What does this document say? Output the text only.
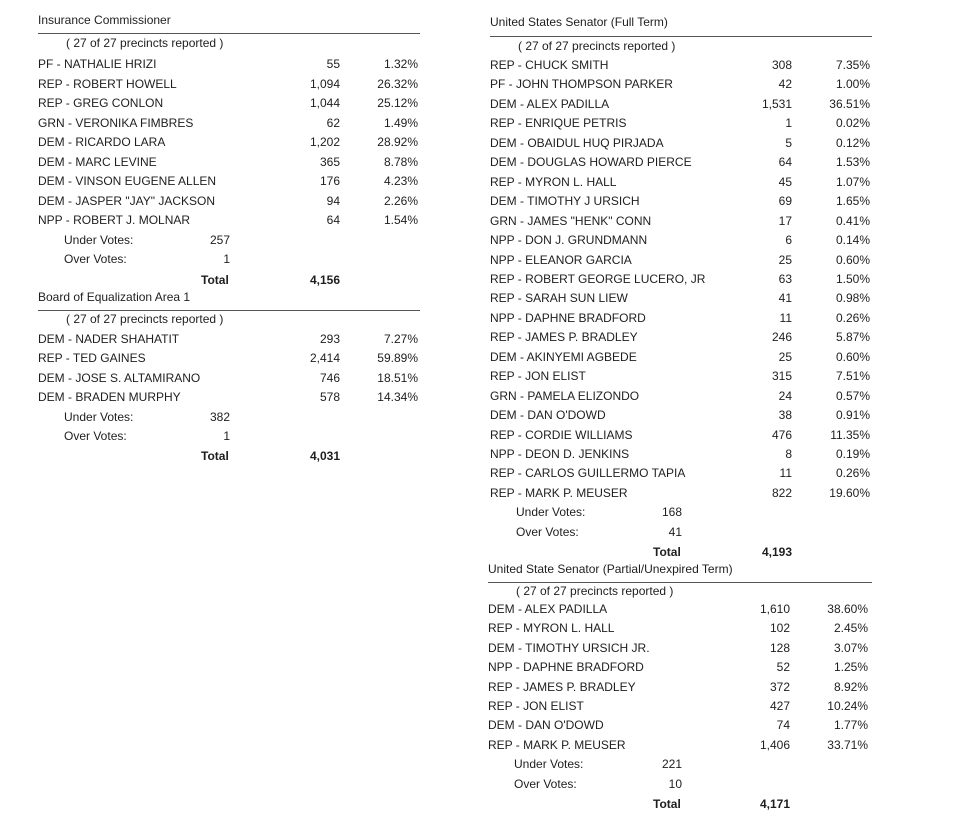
Insurance Commissioner
( 27 of 27 precincts reported )
PF - NATHALIE HRIZI	55	1.32%
REP - ROBERT HOWELL	1,094	26.32%
REP - GREG CONLON	1,044	25.12%
GRN - VERONIKA FIMBRES	62	1.49%
DEM - RICARDO LARA	1,202	28.92%
DEM - MARC LEVINE	365	8.78%
DEM - VINSON EUGENE ALLEN	176	4.23%
DEM - JASPER "JAY" JACKSON	94	2.26%
NPP - ROBERT J. MOLNAR	64	1.54%
Under Votes:	257
Over Votes:	1
Total	4,156
Board of Equalization Area 1
( 27 of 27 precincts reported )
DEM - NADER SHAHATIT	293	7.27%
REP - TED GAINES	2,414	59.89%
DEM - JOSE S. ALTAMIRANO	746	18.51%
DEM - BRADEN MURPHY	578	14.34%
Under Votes:	382
Over Votes:	1
Total	4,031
United States Senator (Full Term)
( 27 of 27 precincts reported )
REP - CHUCK SMITH	308	7.35%
PF - JOHN THOMPSON PARKER	42	1.00%
DEM - ALEX PADILLA	1,531	36.51%
REP - ENRIQUE PETRIS	1	0.02%
DEM - OBAIDUL HUQ PIRJADA	5	0.12%
DEM - DOUGLAS HOWARD PIERCE	64	1.53%
REP - MYRON L. HALL	45	1.07%
DEM - TIMOTHY J URSICH	69	1.65%
GRN - JAMES "HENK" CONN	17	0.41%
NPP - DON J. GRUNDMANN	6	0.14%
NPP - ELEANOR GARCIA	25	0.60%
REP - ROBERT GEORGE LUCERO, JR	63	1.50%
REP - SARAH SUN LIEW	41	0.98%
NPP - DAPHNE BRADFORD	11	0.26%
REP - JAMES P. BRADLEY	246	5.87%
DEM - AKINYEMI AGBEDE	25	0.60%
REP - JON ELIST	315	7.51%
GRN - PAMELA ELIZONDO	24	0.57%
DEM - DAN O'DOWD	38	0.91%
REP - CORDIE WILLIAMS	476	11.35%
NPP - DEON D. JENKINS	8	0.19%
REP - CARLOS GUILLERMO TAPIA	11	0.26%
REP - MARK P. MEUSER	822	19.60%
Under Votes:	168
Over Votes:	41
Total	4,193
United State Senator (Partial/Unexpired Term)
( 27 of 27 precincts reported )
DEM - ALEX PADILLA	1,610	38.60%
REP - MYRON L. HALL	102	2.45%
DEM - TIMOTHY URSICH JR.	128	3.07%
NPP - DAPHNE BRADFORD	52	1.25%
REP - JAMES P. BRADLEY	372	8.92%
REP - JON ELIST	427	10.24%
DEM - DAN O'DOWD	74	1.77%
REP - MARK P. MEUSER	1,406	33.71%
Under Votes:	221
Over Votes:	10
Total	4,171
